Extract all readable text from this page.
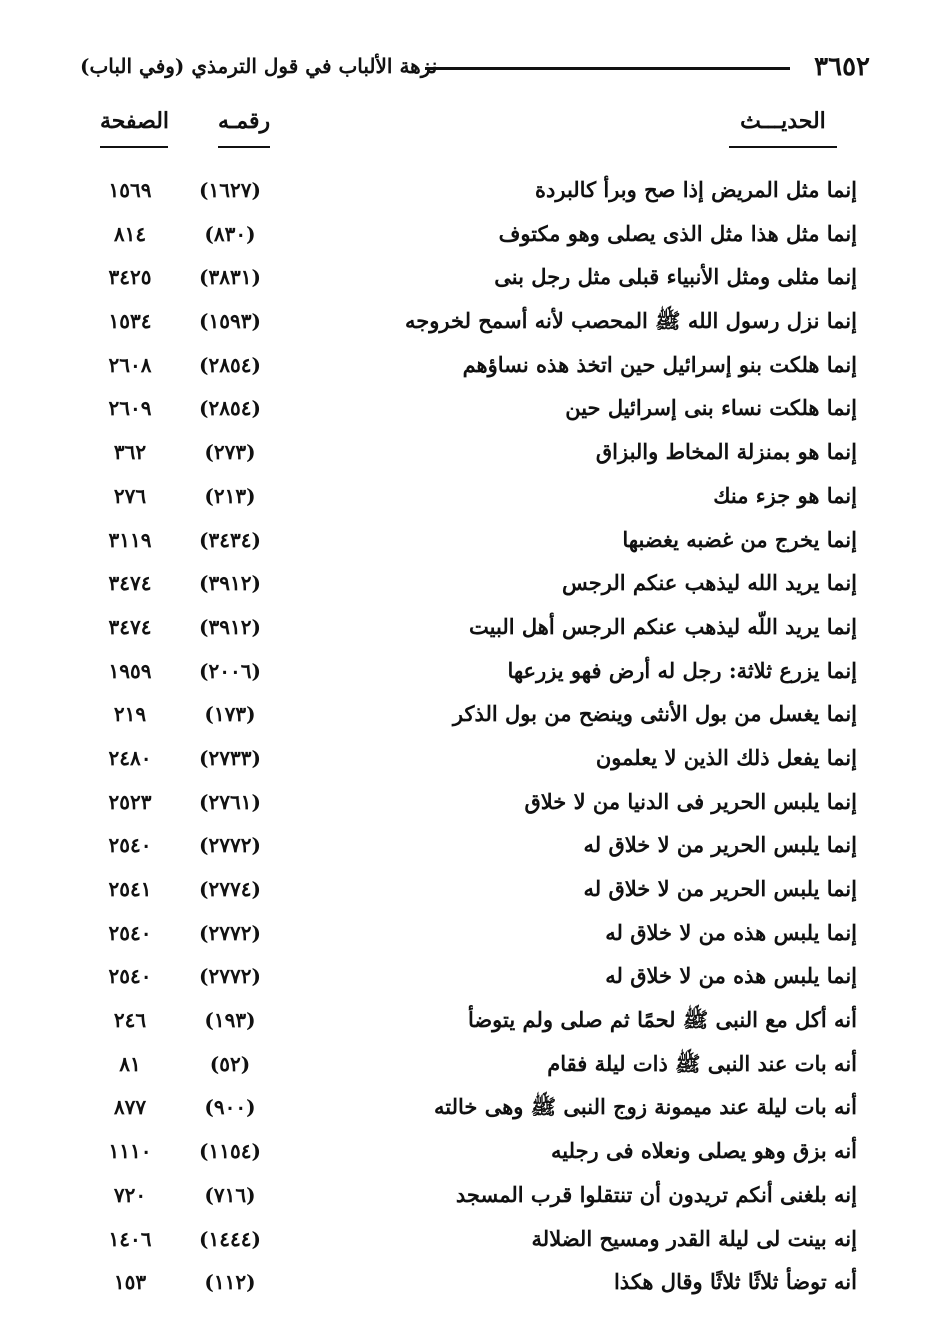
٣٦٥٢
نزهة الألباب في قول الترمذي (وفي الباب)
الحديـــث
رقمـه
الصفحة
إنما مثل المريض إذا صح وبرأ كالبردة
(١٦٢٧)
١٥٦٩
إنما مثل هذا مثل الذى يصلى وهو مكتوف
(٨٣٠)
٨١٤
إنما مثلى ومثل الأنبياء قبلى مثل رجل بنى
(٣٨٣١)
٣٤٢٥
إنما نزل رسول الله ﷺ المحصب لأنه أسمح لخروجه
(١٥٩٣)
١٥٣٤
إنما هلكت بنو إسرائيل حين اتخذ هذه نساؤهم
(٢٨٥٤)
٢٦٠٨
إنما هلكت نساء بنى إسرائيل حين
(٢٨٥٤)
٢٦٠٩
إنما هو بمنزلة المخاط والبزاق
(٢٧٣)
٣٦٢
إنما هو جزء منك
(٢١٣)
٢٧٦
إنما يخرج من غضبه يغضبها
(٣٤٣٤)
٣١١٩
إنما يريد الله ليذهب عنكم الرجس
(٣٩١٢)
٣٤٧٤
إنما يريد اللّه ليذهب عنكم الرجس أهل البيت
(٣٩١٢)
٣٤٧٤
إنما يزرع ثلاثة: رجل له أرض فهو يزرعها
(٢٠٠٦)
١٩٥٩
إنما يغسل من بول الأنثى وينضح من بول الذكر
(١٧٣)
٢١٩
إنما يفعل ذلك الذين لا يعلمون
(٢٧٣٣)
٢٤٨٠
إنما يلبس الحرير فى الدنيا من لا خلاق
(٢٧٦١)
٢٥٢٣
إنما يلبس الحرير من لا خلاق له
(٢٧٧٢)
٢٥٤٠
إنما يلبس الحرير من لا خلاق له
(٢٧٧٤)
٢٥٤١
إنما يلبس هذه من لا خلاق له
(٢٧٧٢)
٢٥٤٠
إنما يلبس هذه من لا خلاق له
(٢٧٧٢)
٢٥٤٠
أنه أكل مع النبى ﷺ لحمًا ثم صلى ولم يتوضأ
(١٩٣)
٢٤٦
أنه بات عند النبى ﷺ ذات ليلة فقام
(٥٢)
٨١
أنه بات ليلة عند ميمونة زوج النبى ﷺ وهى خالته
(٩٠٠)
٨٧٧
أنه بزق وهو يصلى ونعلاه فى رجليه
(١١٥٤)
١١١٠
إنه بلغنى أنكم تريدون أن تنتقلوا قرب المسجد
(٧١٦)
٧٢٠
إنه بينت لى ليلة القدر ومسيح الضلالة
(١٤٤٤)
١٤٠٦
أنه توضأ ثلاثًا ثلاثًا وقال هكذا
(١١٢)
١٥٣
